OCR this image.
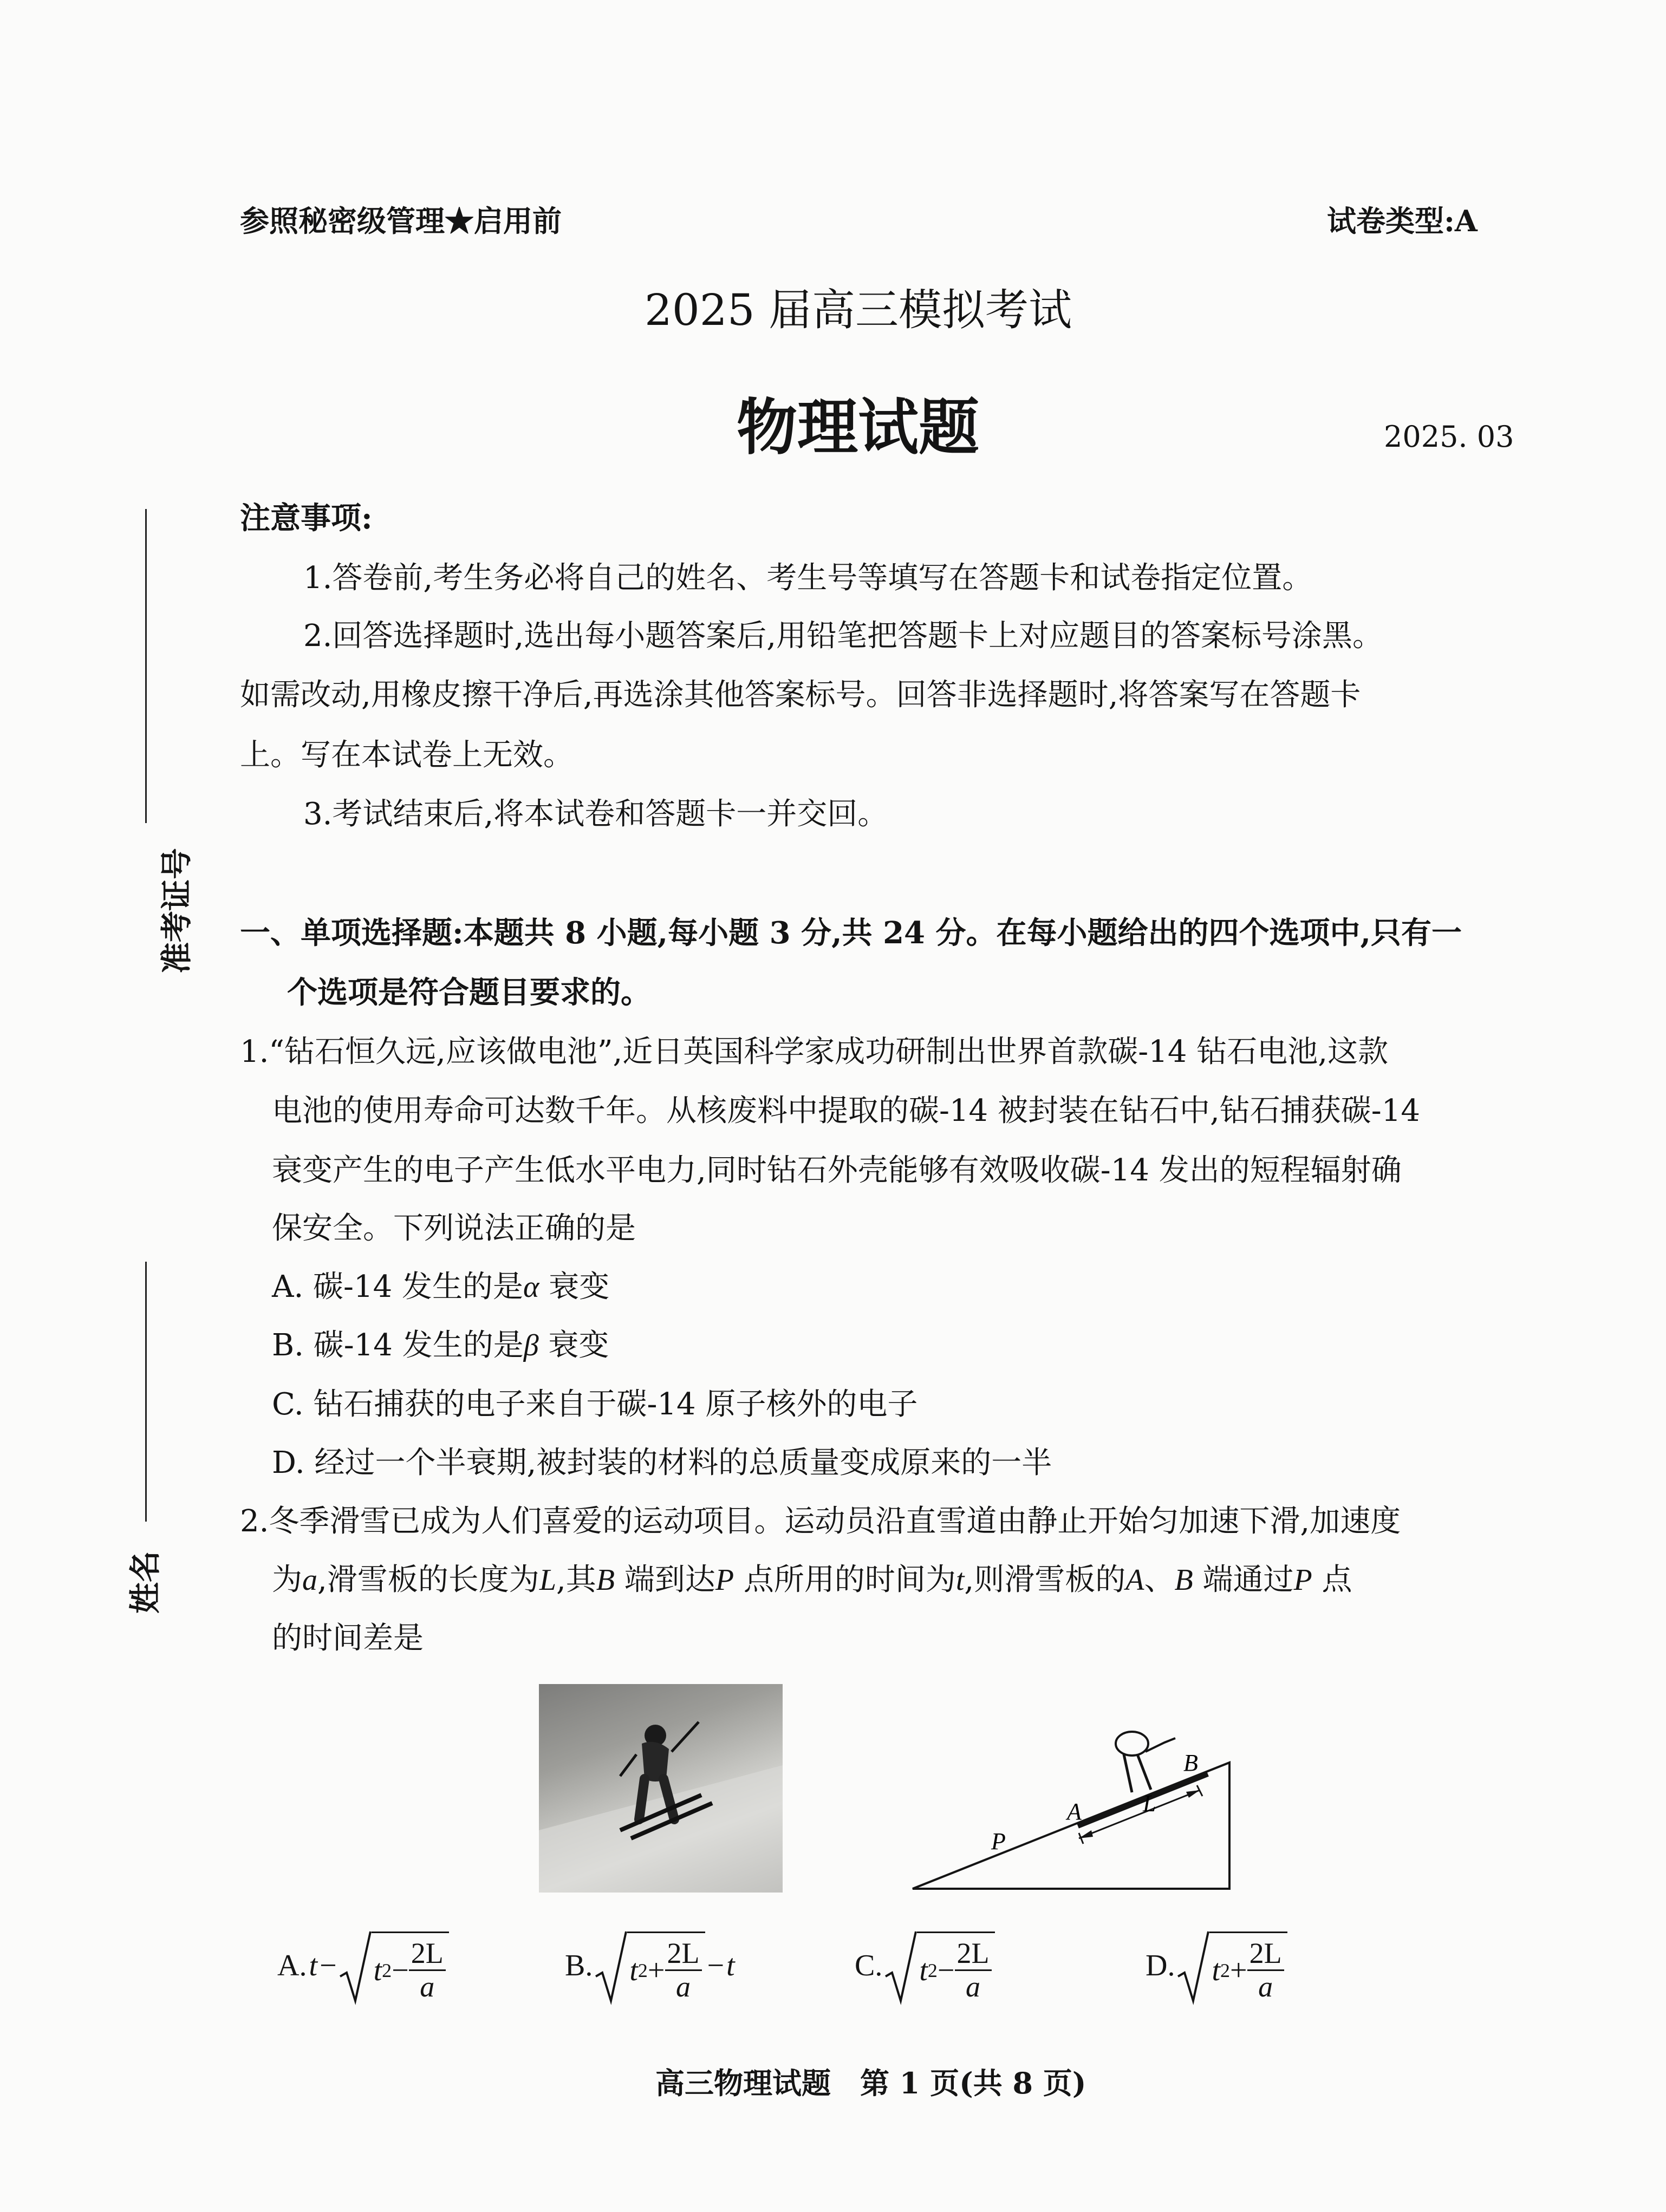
准考证号
姓名
参照秘密级管理★启用前	试卷类型:A
2025 届高三模拟考试
物理试题	2025. 03
注意事项:
1.答卷前,考生务必将自己的姓名、考生号等填写在答题卡和试卷指定位置。
2.回答选择题时,选出每小题答案后,用铅笔把答题卡上对应题目的答案标号涂黑。
如需改动,用橡皮擦干净后,再选涂其他答案标号。回答非选择题时,将答案写在答题卡
上。写在本试卷上无效。
3.考试结束后,将本试卷和答题卡一并交回。
一、单项选择题:本题共 8 小题,每小题 3 分,共 24 分。在每小题给出的四个选项中,只有一
个选项是符合题目要求的。
1.“钻石恒久远,应该做电池”,近日英国科学家成功研制出世界首款碳-14 钻石电池,这款
电池的使用寿命可达数千年。从核废料中提取的碳-14 被封装在钻石中,钻石捕获碳-14
衰变产生的电子产生低水平电力,同时钻石外壳能够有效吸收碳-14 发出的短程辐射确
保安全。下列说法正确的是
A. 碳-14 发生的是α 衰变
B. 碳-14 发生的是β 衰变
C. 钻石捕获的电子来自于碳-14 原子核外的电子
D. 经过一个半衰期,被封装的材料的总质量变成原来的一半
2.冬季滑雪已成为人们喜爱的运动项目。运动员沿直雪道由静止开始匀加速下滑,加速度
为a,滑雪板的长度为L,其B 端到达P 点所用的时间为t,则滑雪板的A、B 端通过P 点
的时间差是
A
B
L
P
A. t − t $2 - \frac{2L}{a}$	B. t $2 + \frac{2L}{a} - t$	C. t $2 - \frac{2L}{a}$	D. t $2 + \frac{2L}{a}$
高三物理试题　第 1 页(共 8 页)
